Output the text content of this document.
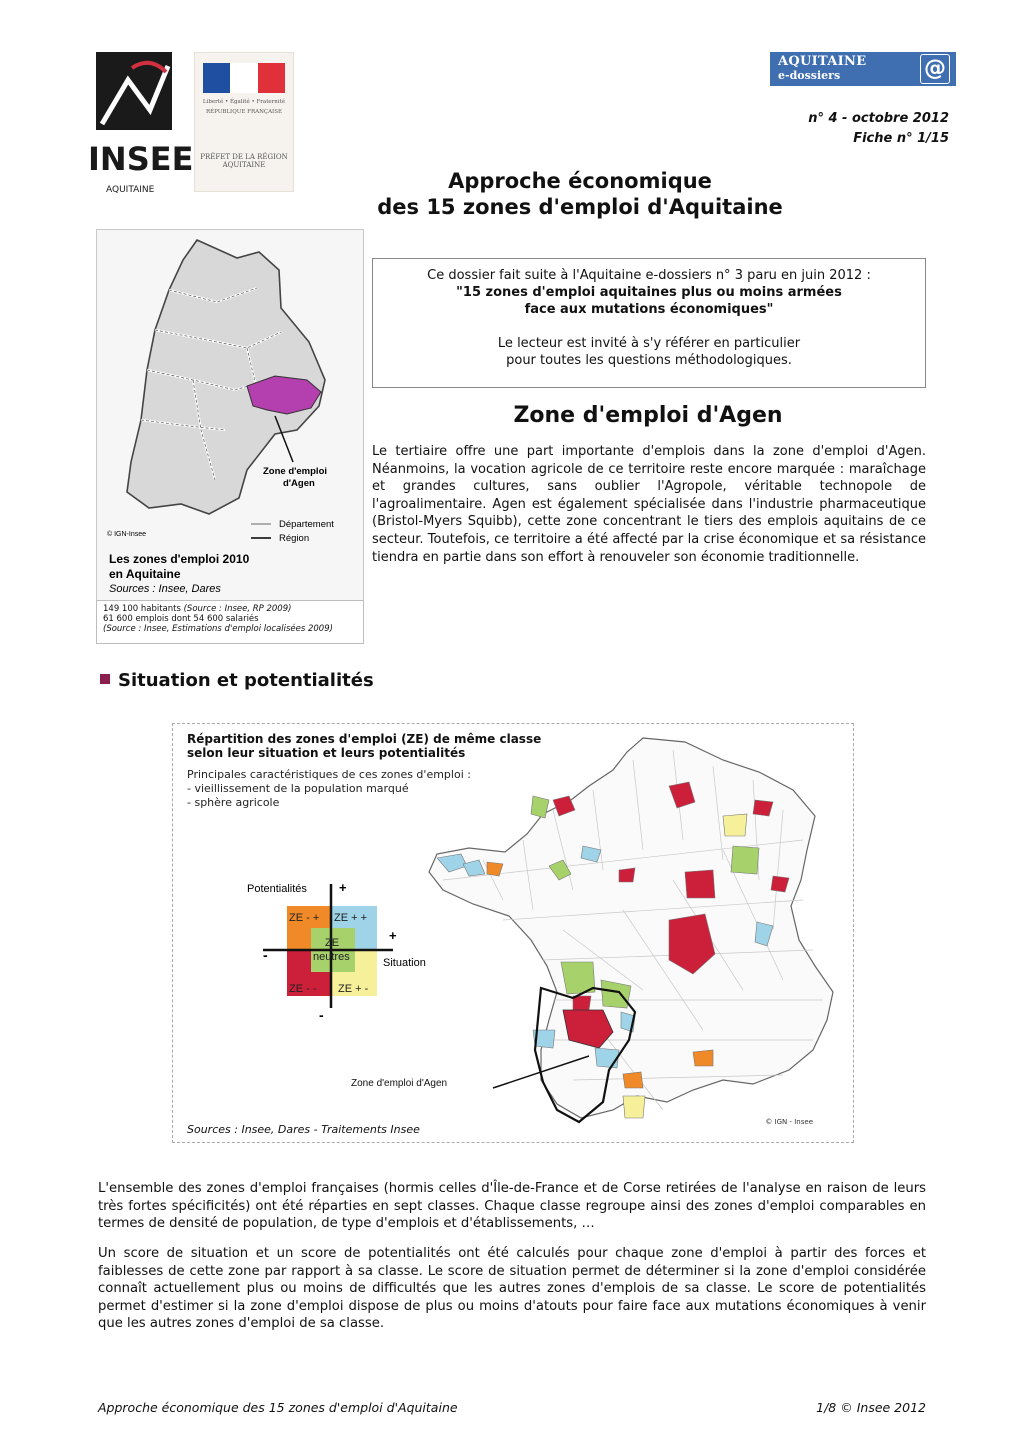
INSEE
AQUITAINE
Liberté • Égalité • Fraternité
RÉPUBLIQUE FRANÇAISE
PRÉFET DE LA RÉGION AQUITAINE
AQUITAINE
e-dossiers	@
n° 4 - octobre 2012
Fiche n° 1/15
Approche économique
des 15 zones d'emploi d'Aquitaine
Zone d'emploi
d'Agen
© IGN-Insee
Département
Région
Les zones d'emploi 2010
en Aquitaine
Sources : Insee, Dares
149 100 habitants (Source : Insee, RP 2009)
61 600 emplois dont 54 600 salariés
(Source : Insee, Estimations d'emploi localisées 2009)
Ce dossier fait suite à l'Aquitaine e-dossiers n° 3 paru en juin 2012 :
"15 zones d'emploi aquitaines plus ou moins armées
face aux mutations économiques"
Le lecteur est invité à s'y référer en particulier
pour toutes les questions méthodologiques.
Zone d'emploi d'Agen
Le tertiaire offre une part importante d'emplois dans la zone d'emploi d'Agen. Néanmoins, la vocation agricole de ce territoire reste encore marquée : maraîchage et grandes cultures, sans oublier l'Agropole, véritable technopole de l'agroalimentaire. Agen est également spécialisée dans l'industrie pharmaceutique (Bristol-Myers Squibb), cette zone concentrant le tiers des emplois aquitains de ce secteur. Toutefois, ce territoire a été affecté par la crise économique et sa résistance tiendra en partie dans son effort à renouveler son économie traditionnelle.
Situation et potentialités
Répartition des zones d'emploi (ZE) de même classe
selon leur situation et leurs potentialités
Principales caractéristiques de ces zones d'emploi :
- vieillissement de la population marqué
- sphère agricole
Potentialités +
+
-
-
ZE - + ZE + +
ZE
neutres
ZE - - ZE + -
Situation
Zone d'emploi d'Agen
Sources : Insee, Dares - Traitements Insee
© IGN - Insee
L'ensemble des zones d'emploi françaises (hormis celles d'Île-de-France et de Corse retirées de l'analyse en raison de leurs très fortes spécificités) ont été réparties en sept classes. Chaque classe regroupe ainsi des zones d'emploi comparables en termes de densité de population, de type d'emplois et d'établissements, …
Un score de situation et un score de potentialités ont été calculés pour chaque zone d'emploi à partir des forces et faiblesses de cette zone par rapport à sa classe. Le score de situation permet de déterminer si la zone d'emploi considérée connaît actuellement plus ou moins de difficultés que les autres zones d'emplois de sa classe. Le score de potentialités permet d'estimer si la zone d'emploi dispose de plus ou moins d'atouts pour faire face aux mutations économiques à venir que les autres zones d'emploi de sa classe.
Approche économique des 15 zones d'emploi d'Aquitaine	1/8 © Insee 2012
